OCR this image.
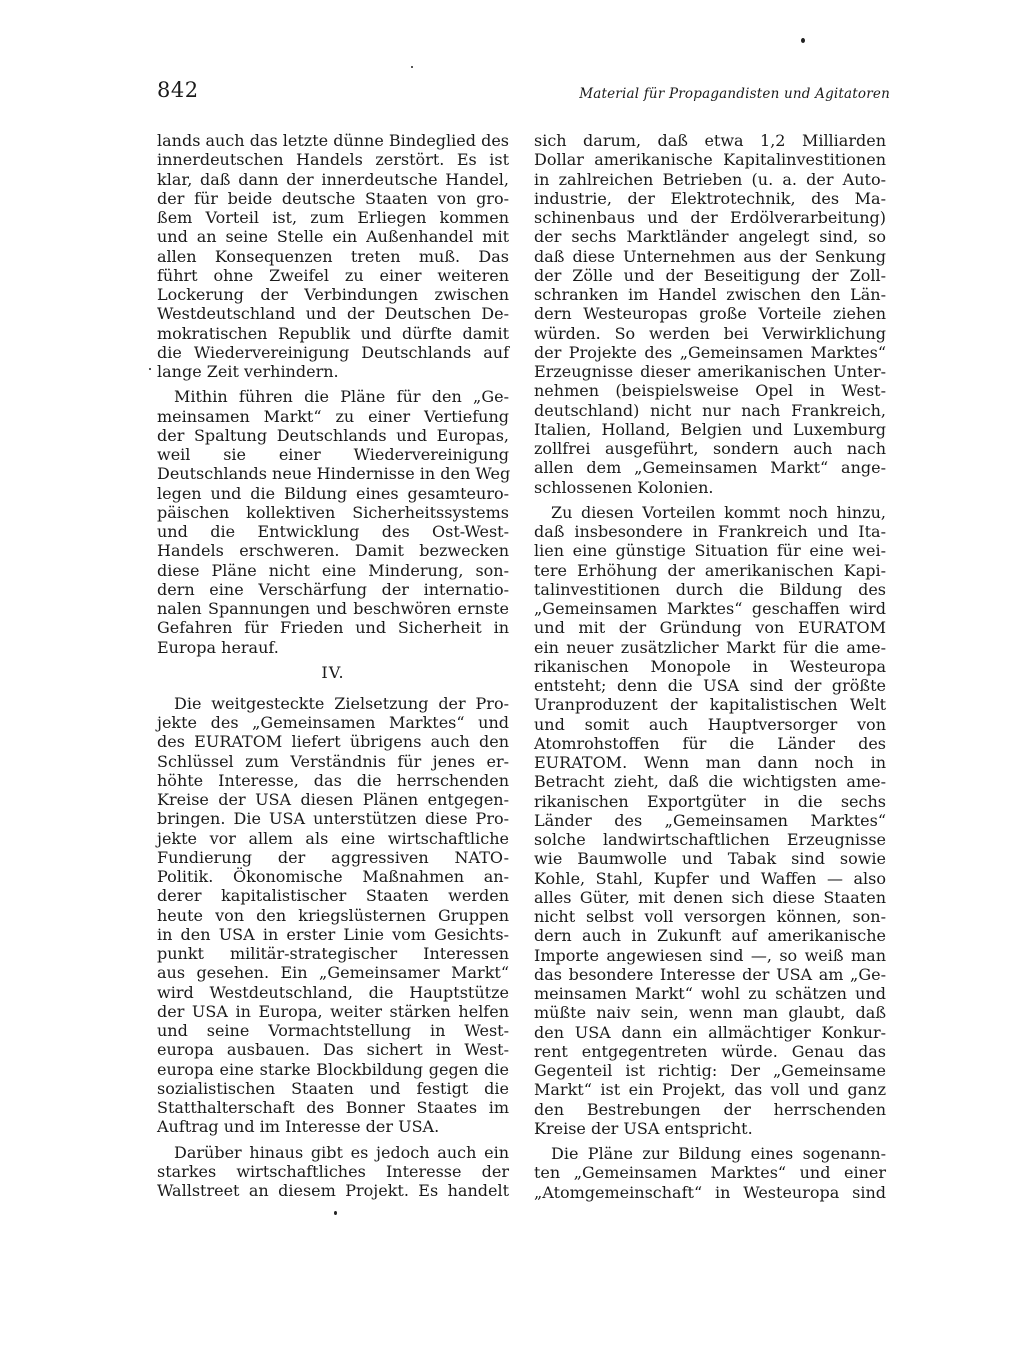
842	Material für Propagandisten und Agitatoren
lands auch das letzte dünne Bindeglied des
innerdeutschen Handels zerstört. Es ist
klar, daß dann der innerdeutsche Handel,
der für beide deutsche Staaten von gro-
ßem Vorteil ist, zum Erliegen kommen
und an seine Stelle ein Außenhandel mit
allen Konsequenzen treten muß. Das
führt ohne Zweifel zu einer weiteren
Lockerung der Verbindungen zwischen
Westdeutschland und der Deutschen De-
mokratischen Republik und dürfte damit
die Wiedervereinigung Deutschlands auf
lange Zeit verhindern.
Mithin führen die Pläne für den „Ge-
meinsamen Markt“ zu einer Vertiefung
der Spaltung Deutschlands und Europas,
weil sie einer Wiedervereinigung
Deutschlands neue Hindernisse in den Weg
legen und die Bildung eines gesamteuro-
päischen kollektiven Sicherheitssystems
und die Entwicklung des Ost-West-
Handels erschweren. Damit bezwecken
diese Pläne nicht eine Minderung, son-
dern eine Verschärfung der internatio-
nalen Spannungen und beschwören ernste
Gefahren für Frieden und Sicherheit in
Europa herauf.
IV.
Die weitgesteckte Zielsetzung der Pro-
jekte des „Gemeinsamen Marktes“ und
des EURATOM liefert übrigens auch den
Schlüssel zum Verständnis für jenes er-
höhte Interesse, das die herrschenden
Kreise der USA diesen Plänen entgegen-
bringen. Die USA unterstützen diese Pro-
jekte vor allem als eine wirtschaftliche
Fundierung der aggressiven NATO-
Politik. Ökonomische Maßnahmen an-
derer kapitalistischer Staaten werden
heute von den kriegslüsternen Gruppen
in den USA in erster Linie vom Gesichts-
punkt militär-strategischer Interessen
aus gesehen. Ein „Gemeinsamer Markt“
wird Westdeutschland, die Hauptstütze
der USA in Europa, weiter stärken helfen
und seine Vormachtstellung in West-
europa ausbauen. Das sichert in West-
europa eine starke Blockbildung gegen die
sozialistischen Staaten und festigt die
Statthalterschaft des Bonner Staates im
Auftrag und im Interesse der USA.
Darüber hinaus gibt es jedoch auch ein
starkes wirtschaftliches Interesse der
Wallstreet an diesem Projekt. Es handelt
sich darum, daß etwa 1,2 Milliarden
Dollar amerikanische Kapitalinvestitionen
in zahlreichen Betrieben (u. a. der Auto-
industrie, der Elektrotechnik, des Ma-
schinenbaus und der Erdölverarbeitung)
der sechs Marktländer angelegt sind, so
daß diese Unternehmen aus der Senkung
der Zölle und der Beseitigung der Zoll-
schranken im Handel zwischen den Län-
dern Westeuropas große Vorteile ziehen
würden. So werden bei Verwirklichung
der Projekte des „Gemeinsamen Marktes“
Erzeugnisse dieser amerikanischen Unter-
nehmen (beispielsweise Opel in West-
deutschland) nicht nur nach Frankreich,
Italien, Holland, Belgien und Luxemburg
zollfrei ausgeführt, sondern auch nach
allen dem „Gemeinsamen Markt“ ange-
schlossenen Kolonien.
Zu diesen Vorteilen kommt noch hinzu,
daß insbesondere in Frankreich und Ita-
lien eine günstige Situation für eine wei-
tere Erhöhung der amerikanischen Kapi-
talinvestitionen durch die Bildung des
„Gemeinsamen Marktes“ geschaffen wird
und mit der Gründung von EURATOM
ein neuer zusätzlicher Markt für die ame-
rikanischen Monopole in Westeuropa
entsteht; denn die USA sind der größte
Uranproduzent der kapitalistischen Welt
und somit auch Hauptversorger von
Atomrohstoffen für die Länder des
EURATOM. Wenn man dann noch in
Betracht zieht, daß die wichtigsten ame-
rikanischen Exportgüter in die sechs
Länder des „Gemeinsamen Marktes“
solche landwirtschaftlichen Erzeugnisse
wie Baumwolle und Tabak sind sowie
Kohle, Stahl, Kupfer und Waffen — also
alles Güter, mit denen sich diese Staaten
nicht selbst voll versorgen können, son-
dern auch in Zukunft auf amerikanische
Importe angewiesen sind —, so weiß man
das besondere Interesse der USA am „Ge-
meinsamen Markt“ wohl zu schätzen und
müßte naiv sein, wenn man glaubt, daß
den USA dann ein allmächtiger Konkur-
rent entgegentreten würde. Genau das
Gegenteil ist richtig: Der „Gemeinsame
Markt“ ist ein Projekt, das voll und ganz
den Bestrebungen der herrschenden
Kreise der USA entspricht.
Die Pläne zur Bildung eines sogenann-
ten „Gemeinsamen Marktes“ und einer
„Atomgemeinschaft“ in Westeuropa sind
